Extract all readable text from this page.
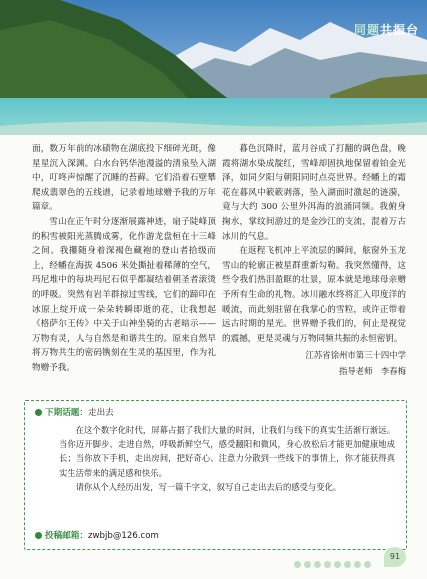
同题共振台

面，数万年前的冰碛物在湖底投下细碎光斑，像星星沉入深渊。白水台钙华池漫溢的清泉坠入湖中，叮咚声惊醒了沉睡的苔藓。它们沿着石壁攀爬成翡翠色的五线谱，记录着地球赠予我的万年篇章。

雪山在正午时分逐渐展露神迹，扇子陡峰顶的积雪被阳光蒸腾成雾，化作游龙盘桓在十三峰之间。我攥随身着深褐色藏袍的登山者拾级而上，经幡在海拔 4506 米处撕扯着稀薄的空气，玛尼堆中的每块玛尼石似乎都凝结着朝圣者滚烫的呼吸。突然有岩羊群掠过雪线，它们的蹄印在冰原上绽开成一朵朵转瞬即逝的花，让我想起《格萨尔王传》中关于山神坐骑的古老暗示——万物有灵，人与自然是和谐共生的。原来自然早将万物共生的密码镌刻在生灵的基因里，作为礼物赠予我。

暮色沉降时，蓝月谷成了打翻的调色盘，晚霞将湖水染成靛红，雪峰却固执地保留着铂金光泽，如同夕阳与朝阳同时点亮世界。经幡上的霜花在暮风中簌簌剥落，坠入湖面时激起的涟漪，竟与大约 300 公里外洱海的浪涌同频。我俯身掬水，掌纹间游过的是金沙江的支流，混着万古冰川的气息。

在返程飞机冲上平流层的瞬间，舷窗外玉龙雪山的轮廓正被星群重新勾勒。我突然懂得，这些令我们热泪盈眶的壮景，原本就是地球母亲赠予所有生命的礼物。冰川融水终将汇入印度洋的暖流，而此刻驻留在我掌心的雪粒，或许正带着远古时期的星光。世界赠予我们的，何止是视觉的震撼，更是灵魂与万物同频共振的永恒密钥。

江苏省徐州市第三十四中学
指导老师　李春梅
下期话题：走出去

在这个数字化时代，屏幕占据了我们大量的时间，让我们与线下的真实生活渐行渐远。当你迈开脚步、走进自然，呼吸新鲜空气，感受翻阳和微风，身心放松后才能更加健康地成长；当你放下手机，走出房间，把好奇心、注意力分散到一些线下的事情上，你才能获得真实生活带来的满足感和快乐。

请你从个人经历出发，写一篇千字文，叙写自己走出去后的感受与变化。

投稿邮箱：zwbjb@126.com
91
